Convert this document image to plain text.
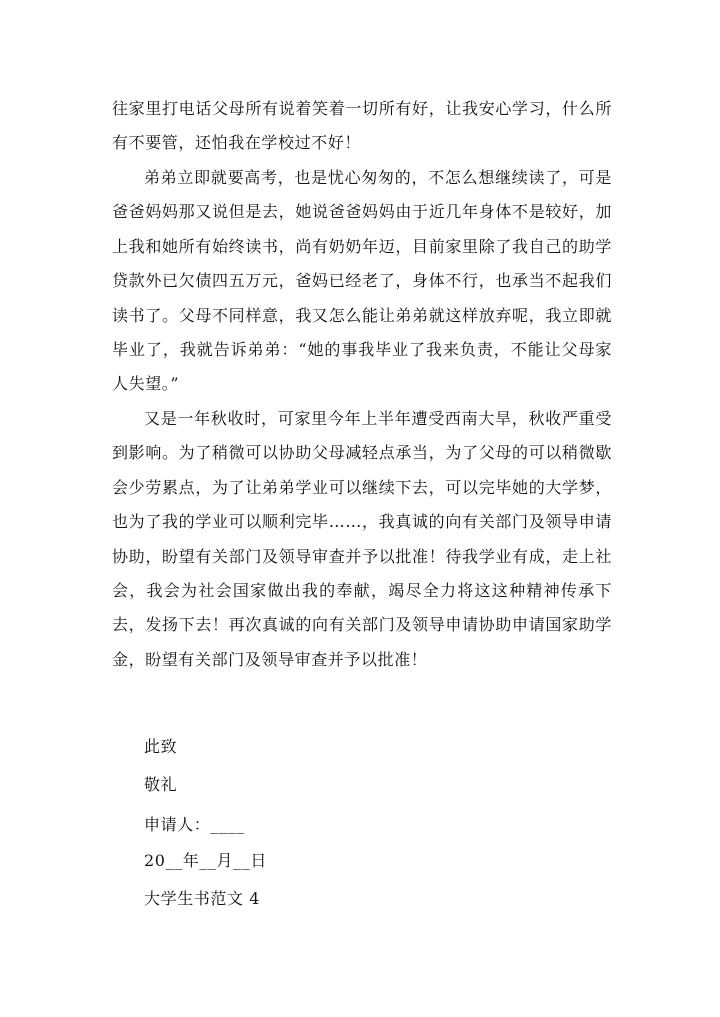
往家里打电话父母所有说着笑着一切所有好，让我安心学习，什么所有不要管，还怕我在学校过不好！

弟弟立即就要高考，也是忧心匆匆的，不怎么想继续读了，可是爸爸妈妈那又说但是去，她说爸爸妈妈由于近几年身体不是较好，加上我和她所有始终读书，尚有奶奶年迈，目前家里除了我自己的助学贷款外已欠债四五万元，爸妈已经老了，身体不行，也承当不起我们读书了。父母不同样意，我又怎么能让弟弟就这样放弃呢，我立即就毕业了，我就告诉弟弟：“她的事我毕业了我来负责，不能让父母家人失望。”

又是一年秋收时，可家里今年上半年遭受西南大旱，秋收严重受到影响。为了稍微可以协助父母减轻点承当，为了父母的可以稍微歇会少劳累点，为了让弟弟学业可以继续下去，可以完毕她的大学梦，也为了我的学业可以顺利完毕……，我真诚的向有关部门及领导申请协助，盼望有关部门及领导审查并予以批准！待我学业有成，走上社会，我会为社会国家做出我的奉献，竭尽全力将这这种精神传承下去，发扬下去！再次真诚的向有关部门及领导申请协助申请国家助学金，盼望有关部门及领导审查并予以批准！

此致

敬礼

申请人：____

20__年__月__日

大学生书范文 4
